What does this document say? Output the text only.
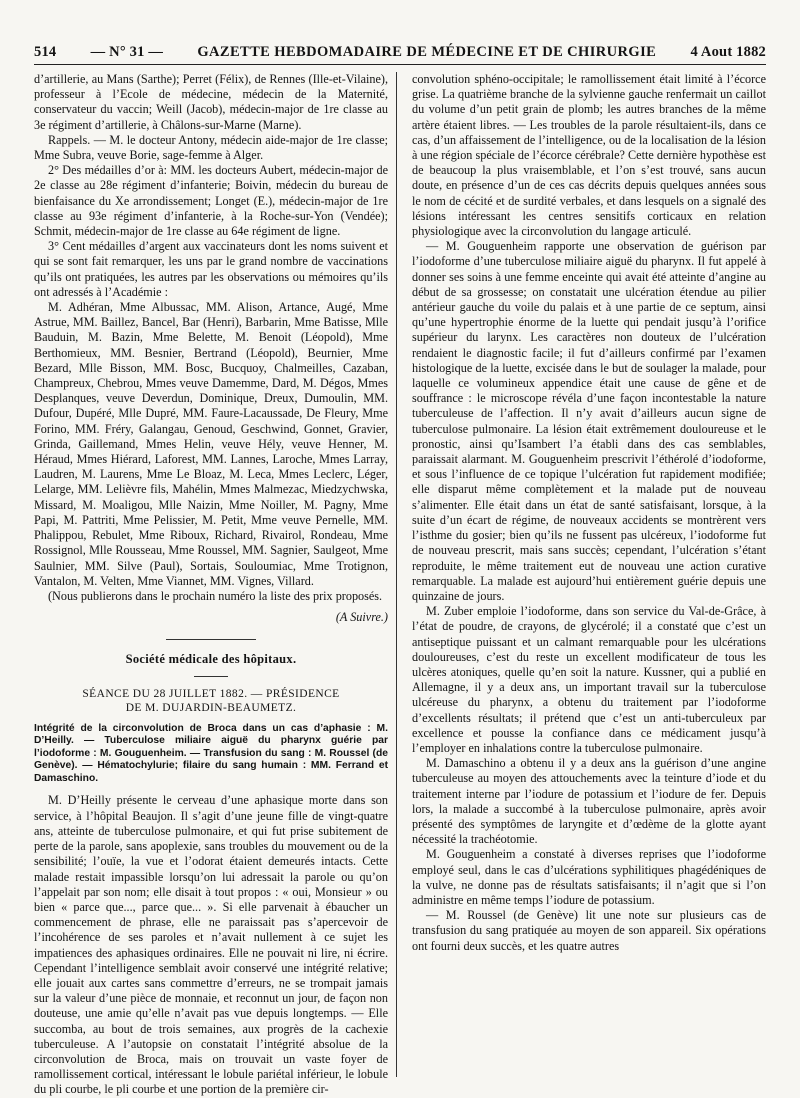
514 — N° 31 — GAZETTE HEBDOMADAIRE DE MÉDECINE ET DE CHIRURGIE 4 Aout 1882

d’artillerie, au Mans (Sarthe); Perret (Félix), de Rennes (Ille-et-Vilaine), professeur à l’Ecole de médecine, médecin de la Maternité, conservateur du vaccin; Weill (Jacob), médecin-major de 1re classe au 3e régiment d’artillerie, à Châlons-sur-Marne (Marne).

Rappels. — M. le docteur Antony, médecin aide-major de 1re classe; Mme Subra, veuve Borie, sage-femme à Alger.

2° Des médailles d’or à: MM. les docteurs Aubert, médecin-major de 2e classe au 28e régiment d’infanterie; Boivin, médecin du bureau de bienfaisance du Xe arrondissement; Longet (E.), médecin-major de 1re classe au 93e régiment d’infanterie, à la Roche-sur-Yon (Vendée); Schmit, médecin-major de 1re classe au 64e régiment de ligne.

3° Cent médailles d’argent aux vaccinateurs dont les noms suivent et qui se sont fait remarquer, les uns par le grand nombre de vaccinations qu’ils ont pratiquées, les autres par les observations ou mémoires qu’ils ont adressés à l’Académie :

M. Adhéran, Mme Albussac, MM. Alison, Artance, Augé, Mme Astrue, MM. Baillez, Bancel, Bar (Henri), Barbarin, Mme Batisse, Mlle Bauduin, M. Bazin, Mme Belette, M. Benoit (Léopold), Mme Berthomieux, MM. Besnier, Bertrand (Léopold), Beurnier, Mme Bezard, Mlle Bisson, MM. Bosc, Bucquoy, Chalmeilles, Cazaban, Champreux, Chebrou, Mmes veuve Damemme, Dard, M. Dégos, Mmes Desplanques, veuve Deverdun, Dominique, Dreux, Dumoulin, MM. Dufour, Dupéré, Mlle Dupré, MM. Faure-Lacaussade, De Fleury, Mme Forino, MM. Fréry, Galangau, Genoud, Geschwind, Gonnet, Gravier, Grinda, Gaillemand, Mmes Helin, veuve Hély, veuve Henner, M. Héraud, Mmes Hiérard, Laforest, MM. Lannes, Laroche, Mmes Larray, Laudren, M. Laurens, Mme Le Bloaz, M. Leca, Mmes Leclerc, Léger, Lelarge, MM. Lelièvre fils, Mahélin, Mmes Malmezac, Miedzychwska, Missard, M. Moaligou, Mlle Naizin, Mme Noiller, M. Pagny, Mme Papi, M. Pattriti, Mme Pelissier, M. Petit, Mme veuve Pernelle, MM. Phalippou, Rebulet, Mme Riboux, Richard, Rivairol, Rondeau, Mme Rossignol, Mlle Rousseau, Mme Roussel, MM. Sagnier, Saulgeot, Mme Saulnier, MM. Silve (Paul), Sortais, Souloumiac, Mme Trotignon, Vantalon, M. Velten, Mme Viannet, MM. Vignes, Villard.

(Nous publierons dans le prochain numéro la liste des prix proposés.

(A Suivre.)
Société médicale des hôpitaux.
SÉANCE DU 28 JUILLET 1882. — PRÉSIDENCE
DE M. DUJARDIN-BEAUMETZ.

Intégrité de la circonvolution de Broca dans un cas d’aphasie : M. D’Heilly. — Tuberculose miliaire aiguë du pharynx guérie par l’iodoforme : M. Gouguenheim. — Transfusion du sang : M. Roussel (de Genève). — Hématochylurie; filaire du sang humain : MM. Ferrand et Damaschino.

M. D’Heilly présente le cerveau d’une aphasique morte dans son service, à l’hôpital Beaujon. Il s’agit d’une jeune fille de vingt-quatre ans, atteinte de tuberculose pulmonaire, et qui fut prise subitement de perte de la parole, sans apoplexie, sans troubles du mouvement ou de la sensibilité; l’ouïe, la vue et l’odorat étaient demeurés intacts. Cette malade restait impassible lorsqu’on lui adressait la parole ou qu’on l’appelait par son nom; elle disait à tout propos : « oui, Monsieur » ou bien « parce que..., parce que... ». Si elle parvenait à ébaucher un commencement de phrase, elle ne paraissait pas s’apercevoir de l’incohérence de ses paroles et n’avait nullement à ce sujet les impatiences des aphasiques ordinaires. Elle ne pouvait ni lire, ni écrire. Cependant l’intelligence semblait avoir conservé une intégrité relative; elle jouait aux cartes sans commettre d’erreurs, ne se trompait jamais sur la valeur d’une pièce de monnaie, et reconnut un jour, de façon non douteuse, une amie qu’elle n’avait pas vue depuis longtemps. — Elle succomba, au bout de trois semaines, aux progrès de la cachexie tuberculeuse. A l’autopsie on constatait l’intégrité absolue de la circonvolution de Broca, mais on trouvait un vaste foyer de ramollissement cortical, intéressant le lobule pariétal inférieur, le lobule du pli courbe, le pli courbe et une portion de la première cir-

convolution sphéno-occipitale; le ramollissement était limité à l’écorce grise. La quatrième branche de la sylvienne gauche renfermait un caillot du volume d’un petit grain de plomb; les autres branches de la même artère étaient libres. — Les troubles de la parole résultaient-ils, dans ce cas, d’un affaissement de l’intelligence, ou de la localisation de la lésion à une région spéciale de l’écorce cérébrale? Cette dernière hypothèse est de beaucoup la plus vraisemblable, et l’on s’est trouvé, sans aucun doute, en présence d’un de ces cas décrits depuis quelques années sous le nom de cécité et de surdité verbales, et dans lesquels on a signalé des lésions intéressant les centres sensitifs corticaux en relation physiologique avec la circonvolution du langage articulé.

— M. Gouguenheim rapporte une observation de guérison par l’iodoforme d’une tuberculose miliaire aiguë du pharynx. Il fut appelé à donner ses soins à une femme enceinte qui avait été atteinte d’angine au début de sa grossesse; on constatait une ulcération étendue au pilier antérieur gauche du voile du palais et à une partie de ce septum, ainsi qu’une hypertrophie énorme de la luette qui pendait jusqu’à l’orifice supérieur du larynx. Les caractères non douteux de l’ulcération rendaient le diagnostic facile; il fut d’ailleurs confirmé par l’examen histologique de la luette, excisée dans le but de soulager la malade, pour laquelle ce volumineux appendice était une cause de gêne et de souffrance : le microscope révéla d’une façon incontestable la nature tuberculeuse de l’affection. Il n’y avait d’ailleurs aucun signe de tuberculose pulmonaire. La lésion était extrêmement douloureuse et le pronostic, ainsi qu’Isambert l’a établi dans des cas semblables, paraissait alarmant. M. Gouguenheim prescrivit l’éthérolé d’iodoforme, et sous l’influence de ce topique l’ulcération fut rapidement modifiée; elle disparut même complètement et la malade put de nouveau s’alimenter. Elle était dans un état de santé satisfaisant, lorsque, à la suite d’un écart de régime, de nouveaux accidents se montrèrent vers l’isthme du gosier; bien qu’ils ne fussent pas ulcéreux, l’iodoforme fut de nouveau prescrit, mais sans succès; cependant, l’ulcération s’étant reproduite, le même traitement eut de nouveau une action curative remarquable. La malade est aujourd’hui entièrement guérie depuis une quinzaine de jours.

M. Zuber emploie l’iodoforme, dans son service du Val-de-Grâce, à l’état de poudre, de crayons, de glycérolé; il a constaté que c’est un antiseptique puissant et un calmant remarquable pour les ulcérations douloureuses, c’est du reste un excellent modificateur de tous les ulcères atoniques, quelle qu’en soit la nature. Kussner, qui a publié en Allemagne, il y a deux ans, un important travail sur la tuberculose ulcéreuse du pharynx, a obtenu du traitement par l’iodoforme d’excellents résultats; il prétend que c’est un anti-tuberculeux par excellence et pousse la confiance dans ce médicament jusqu’à l’employer en inhalations contre la tuberculose pulmonaire.

M. Damaschino a obtenu il y a deux ans la guérison d’une angine tuberculeuse au moyen des attouchements avec la teinture d’iode et du traitement interne par l’iodure de potassium et l’iodure de fer. Depuis lors, la malade a succombé à la tuberculose pulmonaire, après avoir présenté des symptômes de laryngite et d’œdème de la glotte ayant nécessité la trachéotomie.

M. Gouguenheim a constaté à diverses reprises que l’iodoforme employé seul, dans le cas d’ulcérations syphilitiques phagédéniques de la vulve, ne donne pas de résultats satisfaisants; il n’agit que si l’on administre en même temps l’iodure de potassium.

— M. Roussel (de Genève) lit une note sur plusieurs cas de transfusion du sang pratiquée au moyen de son appareil. Six opérations ont fourni deux succès, et les quatre autres
